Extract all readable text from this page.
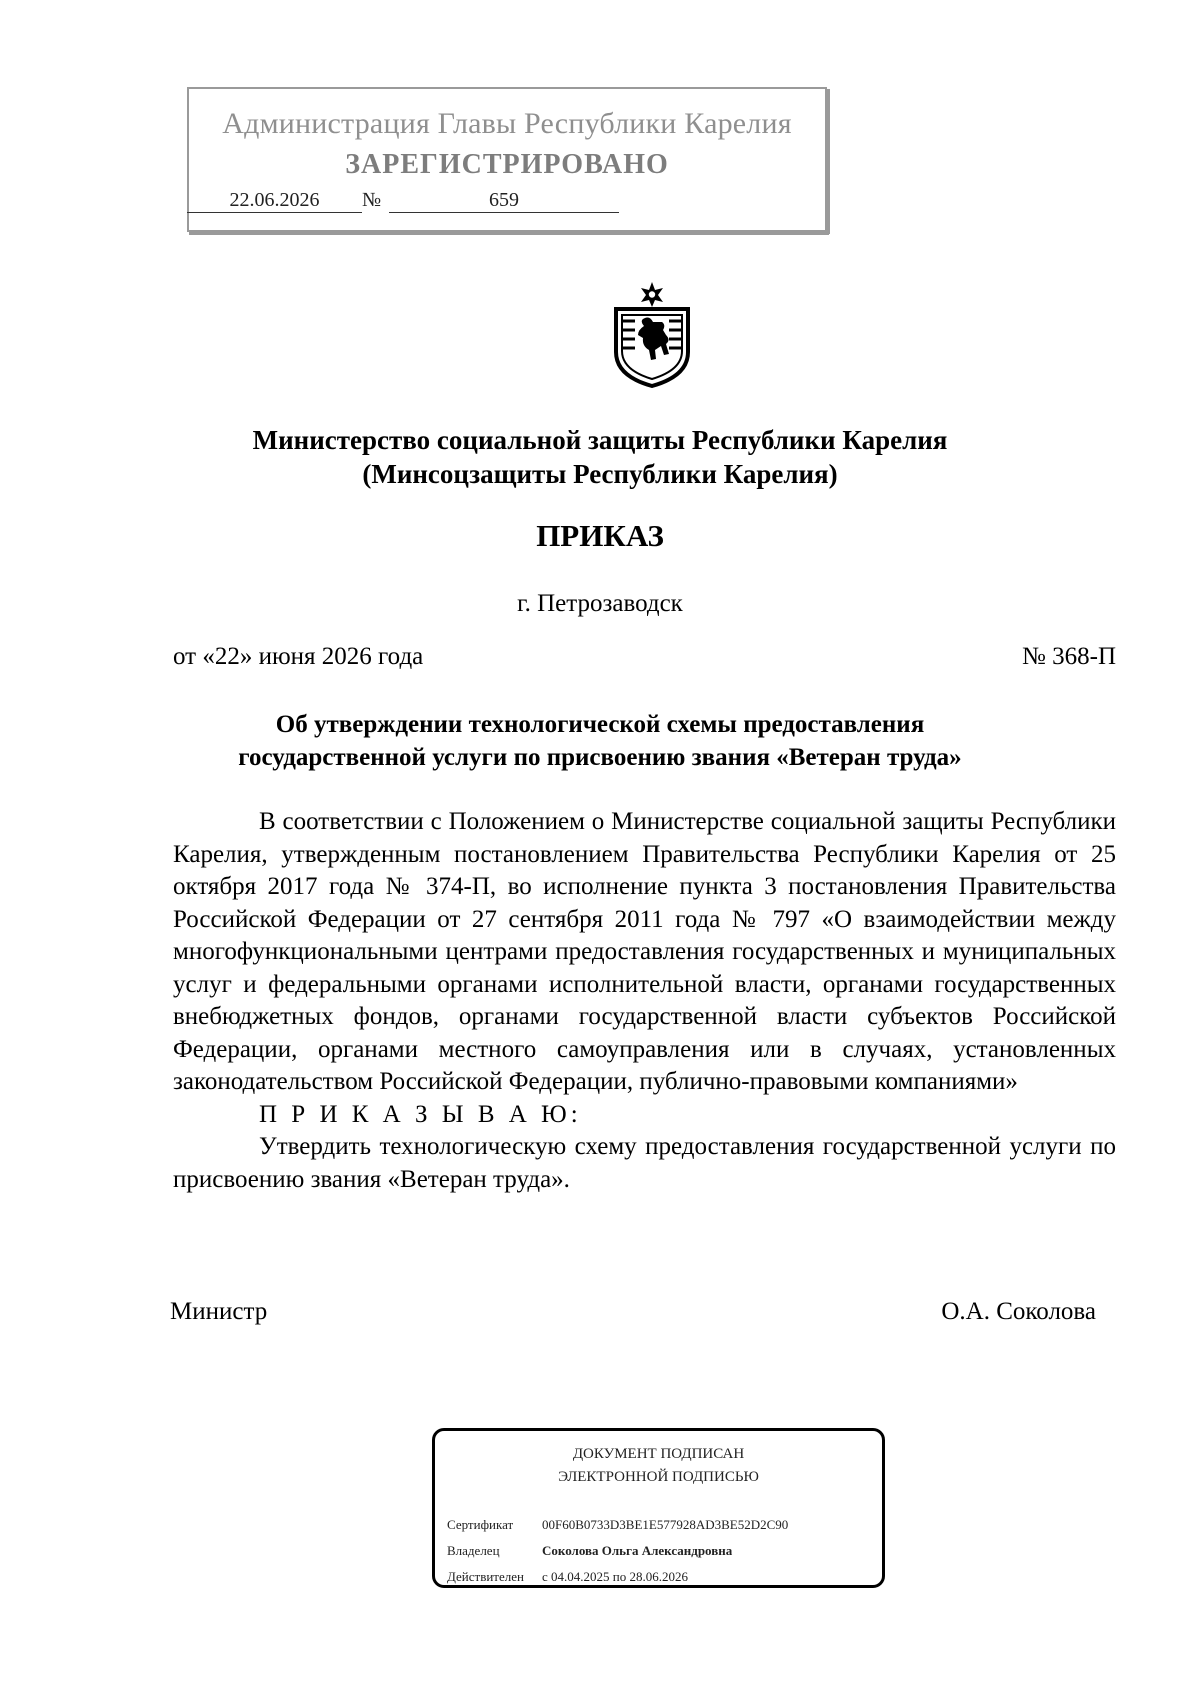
Администрация Главы Республики Карелия
ЗАРЕГИСТРИРОВАНО
22.06.2026	№	659
Министерство социальной защиты Республики Карелия
(Минсоцзащиты Республики Карелия)
ПРИКАЗ
г. Петрозаводск
от «22» июня 2026 года	№ 368-П
Об утверждении технологической схемы предоставления
государственной услуги по присвоению звания «Ветеран труда»

В соответствии с Положением о Министерстве социальной защиты Республики Карелия, утвержденным постановлением Правительства Республики Карелия от 25 октября 2017 года № 374-П, во исполнение пункта 3 постановления Правительства Российской Федерации от 27 сентября 2011 года № 797 «О взаимодействии между многофункциональными центрами предоставления государственных и муниципальных услуг и федеральными органами исполнительной власти, органами государственных внебюджетных фондов, органами государственной власти субъектов Российской Федерации, органами местного самоуправления или в случаях, установленных законодательством Российской Федерации, публично-правовыми компаниями»

П Р И К А З Ы В А Ю:

Утвердить технологическую схему предоставления государственной услуги по присвоению звания «Ветеран труда».

Министр	О.А. Соколова
ДОКУМЕНТ ПОДПИСАН
ЭЛЕКТРОННОЙ ПОДПИСЬЮ
Сертификат 00F60B0733D3BE1E577928AD3BE52D2C90
Владелец	Соколова Ольга Александровна
Действителен с 04.04.2025 по 28.06.2026
